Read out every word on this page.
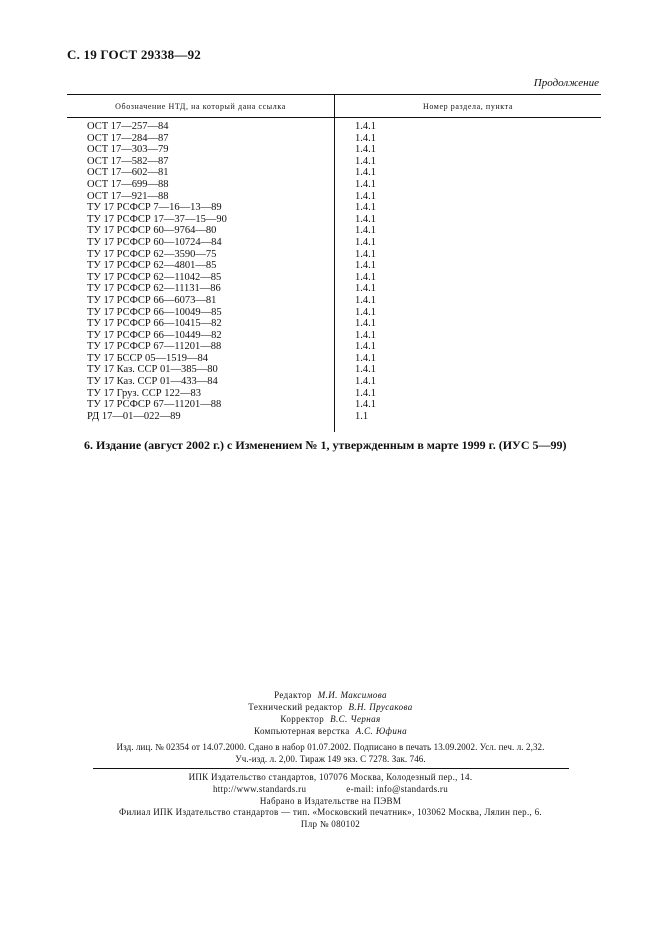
С. 19 ГОСТ 29338—92
Продолжение
Обозначение НТД, на который дана ссылка	Номер раздела, пункта
ОСТ 17—257—84	1.4.1
ОСТ 17—284—87	1.4.1
ОСТ 17—303—79	1.4.1
ОСТ 17—582—87	1.4.1
ОСТ 17—602—81	1.4.1
ОСТ 17—699—88	1.4.1
ОСТ 17—921—88	1.4.1
ТУ 17 РСФСР 7—16—13—89	1.4.1
ТУ 17 РСФСР 17—37—15—90	1.4.1
ТУ 17 РСФСР 60—9764—80	1.4.1
ТУ 17 РСФСР 60—10724—84	1.4.1
ТУ 17 РСФСР 62—3590—75	1.4.1
ТУ 17 РСФСР 62—4801—85	1.4.1
ТУ 17 РСФСР 62—11042—85	1.4.1
ТУ 17 РСФСР 62—11131—86	1.4.1
ТУ 17 РСФСР 66—6073—81	1.4.1
ТУ 17 РСФСР 66—10049—85	1.4.1
ТУ 17 РСФСР 66—10415—82	1.4.1
ТУ 17 РСФСР 66—10449—82	1.4.1
ТУ 17 РСФСР 67—11201—88	1.4.1
ТУ 17 БССР 05—1519—84	1.4.1
ТУ 17 Каз. ССР 01—385—80	1.4.1
ТУ 17 Каз. ССР 01—433—84	1.4.1
ТУ 17 Груз. ССР 122—83	1.4.1
ТУ 17 РСФСР 67—11201—88	1.4.1
РД 17—01—022—89	1.1
6. Издание (август 2002 г.) с Изменением № 1, утвержденным в марте 1999 г. (ИУС 5—99)
Редактор М.И. Максимова
Технический редактор В.Н. Прусакова
Корректор В.С. Черная
Компьютерная верстка А.С. Юфина
Изд. лиц. № 02354 от 14.07.2000. Сдано в набор 01.07.2002. Подписано в печать 13.09.2002. Усл. печ. л. 2,32.
Уч.-изд. л. 2,00. Тираж 149 экз. С 7278. Зак. 746.
ИПК Издательство стандартов, 107076 Москва, Колодезный пер., 14.
http://www.standards.ru	e-mail: info@standards.ru
Набрано в Издательстве на ПЭВМ
Филиал ИПК Издательство стандартов — тип. «Московский печатник», 103062 Москва, Лялин пер., 6.
Плр № 080102
